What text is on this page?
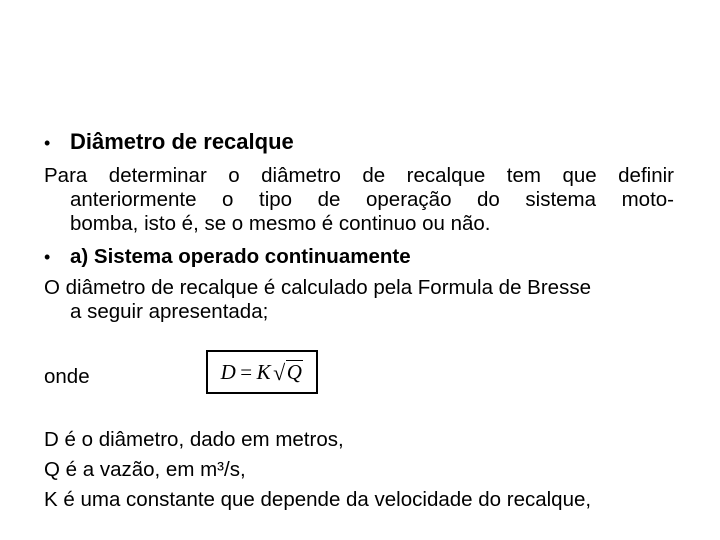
• Diâmetro de recalque
Para determinar o diâmetro de recalque tem que definir
anteriormente o tipo de operação do sistema moto-
bomba, isto é, se o mesmo é continuo ou não.
• a) Sistema operado continuamente
O diâmetro de recalque é calculado pela Formula de Bresse
a seguir apresentada;
onde	D = K √ Q
D é o diâmetro, dado em metros,
Q é a vazão, em m³/s,
K é uma constante que depende da velocidade do recalque,
